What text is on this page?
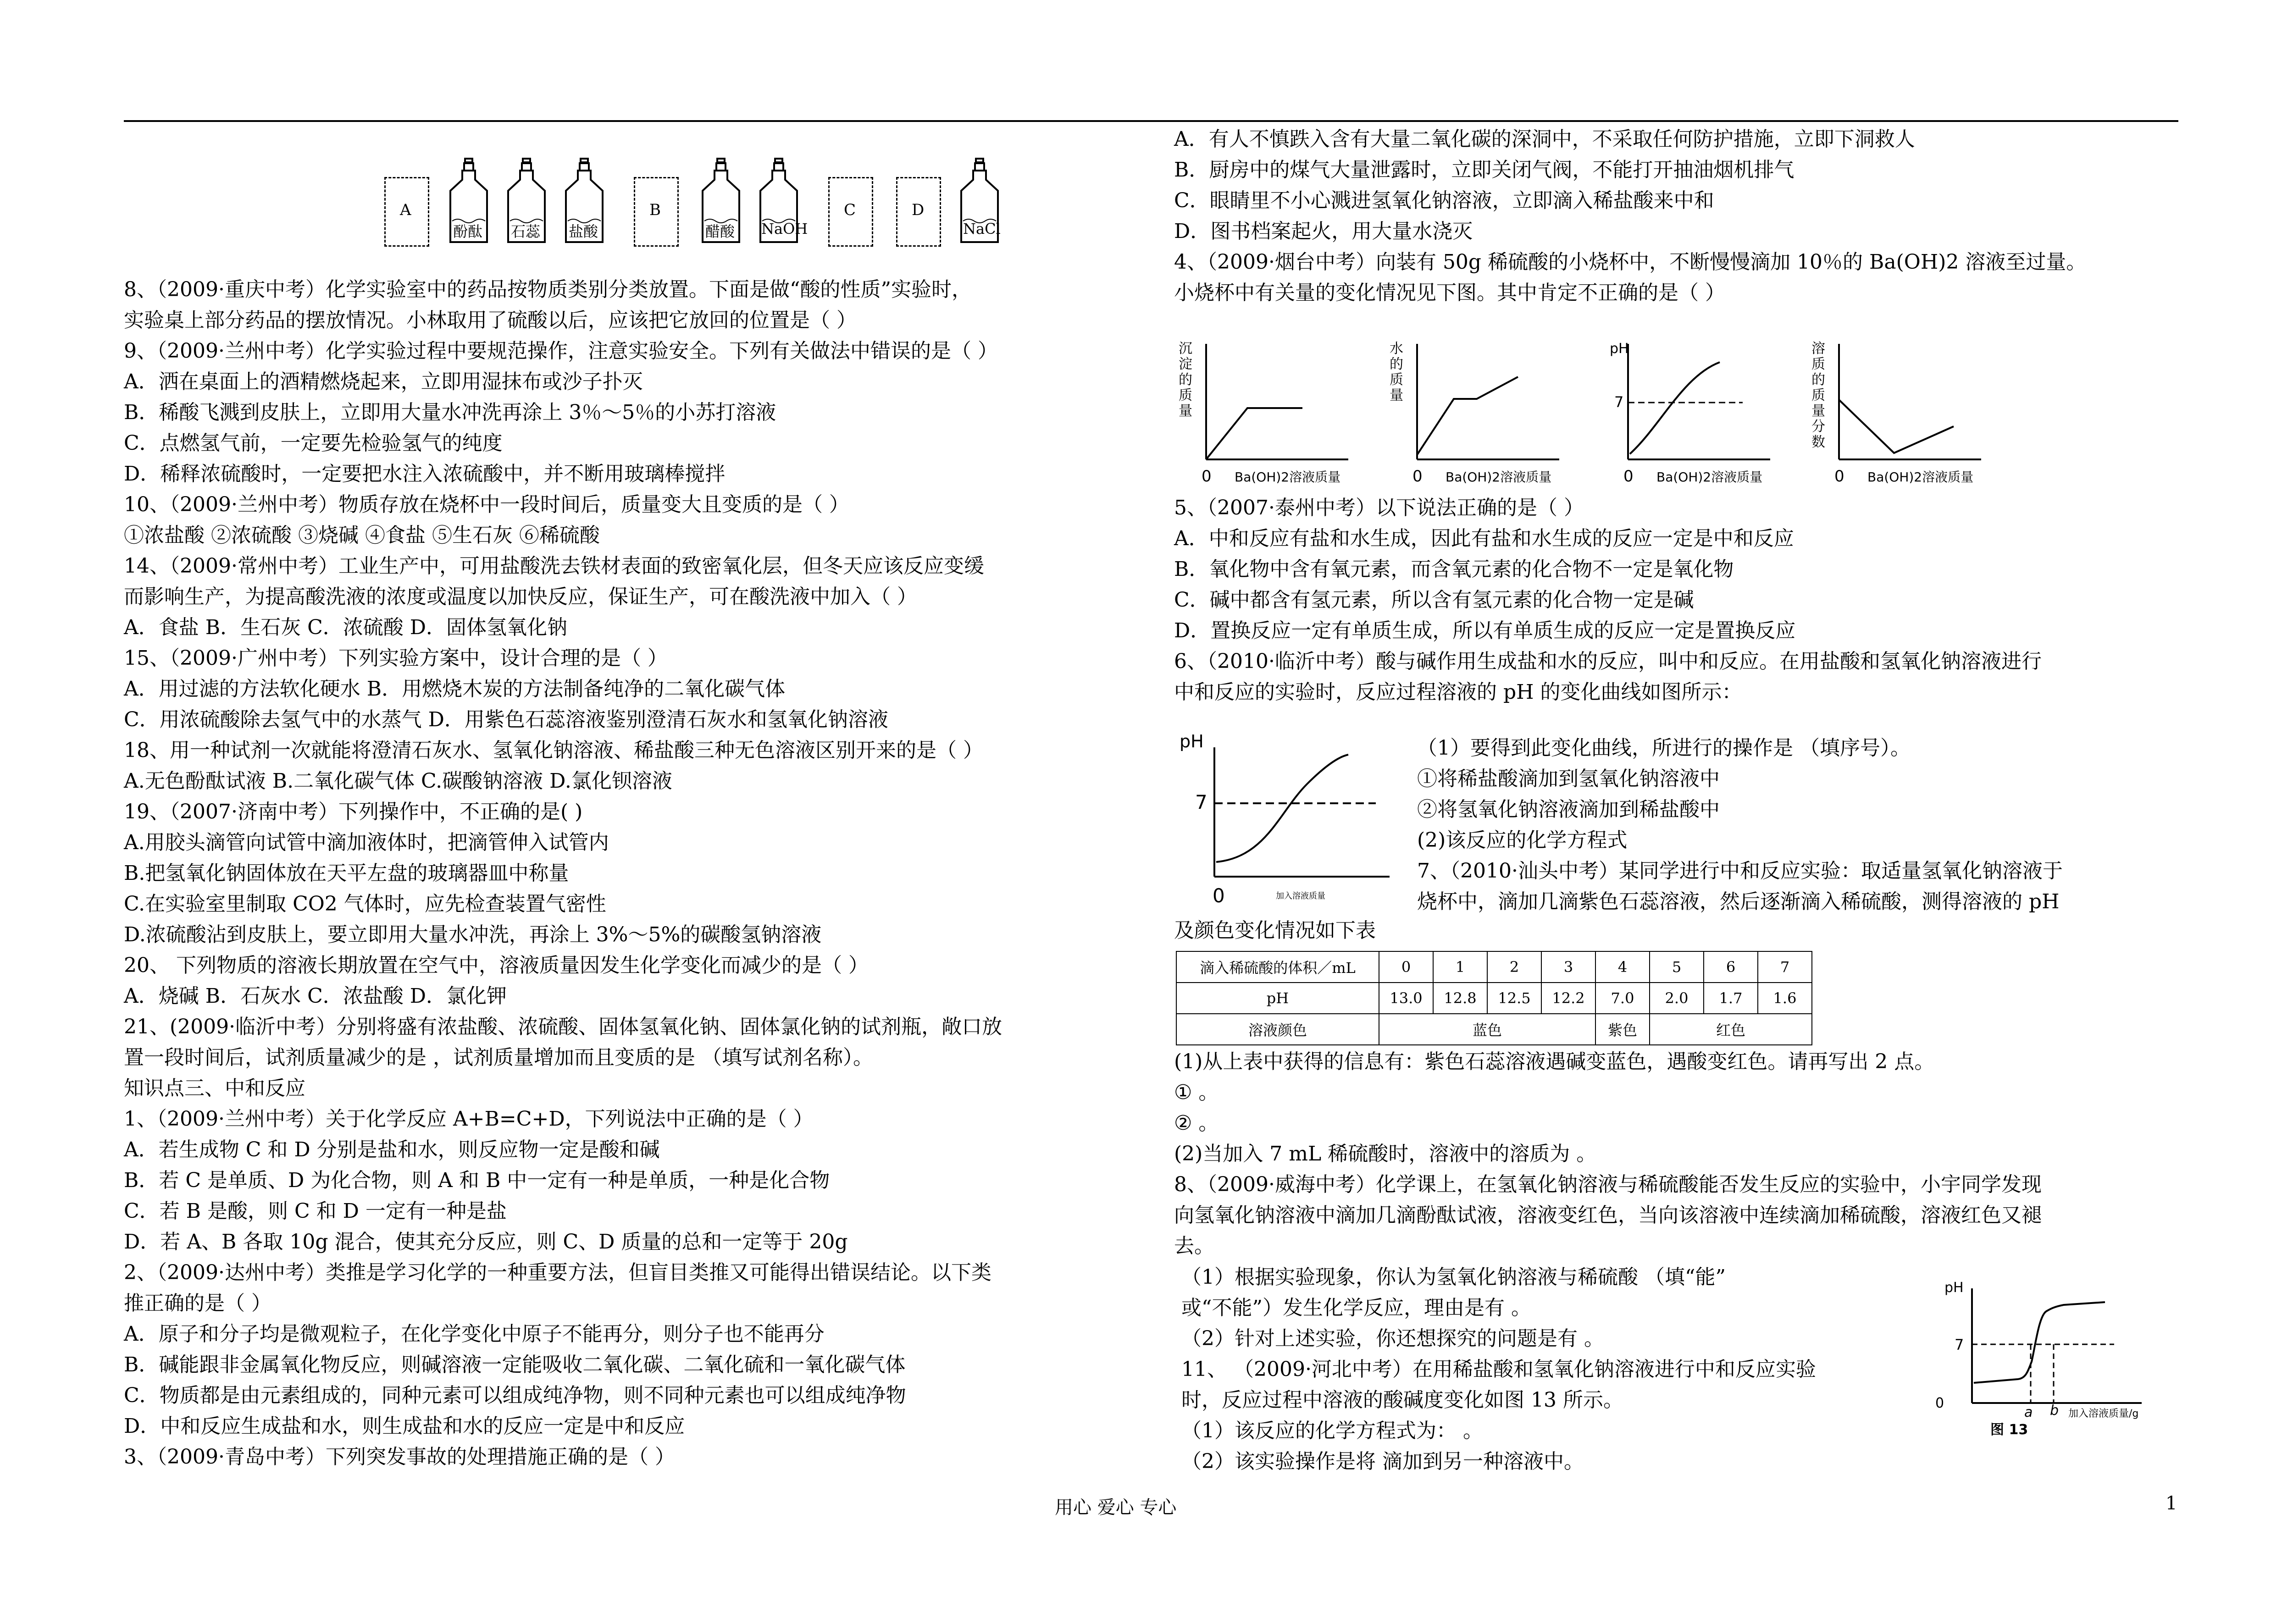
A	B	C	D
酚酞 石蕊 盐酸	醋酸 NaOH	NaCl
8、（2009·重庆中考）化学实验室中的药品按物质类别分类放置。下面是做“酸的性质”实验时，
实验桌上部分药品的摆放情况。小林取用了硫酸以后，应该把它放回的位置是（ ）
9、（2009·兰州中考）化学实验过程中要规范操作，注意实验安全。下列有关做法中错误的是（ ）
A．洒在桌面上的酒精燃烧起来，立即用湿抹布或沙子扑灭
B．稀酸飞溅到皮肤上，立即用大量水冲洗再涂上 3％～5％的小苏打溶液
C．点燃氢气前，一定要先检验氢气的纯度
D．稀释浓硫酸时，一定要把水注入浓硫酸中，并不断用玻璃棒搅拌
10、（2009·兰州中考）物质存放在烧杯中一段时间后，质量变大且变质的是（ ）
①浓盐酸 ②浓硫酸 ③烧碱 ④食盐 ⑤生石灰 ⑥稀硫酸
14、（2009·常州中考）工业生产中，可用盐酸洗去铁材表面的致密氧化层，但冬天应该反应变缓
而影响生产，为提高酸洗液的浓度或温度以加快反应，保证生产，可在酸洗液中加入（ ）
A．食盐 B．生石灰 C．浓硫酸 D．固体氢氧化钠
15、（2009·广州中考）下列实验方案中，设计合理的是（ ）
A．用过滤的方法软化硬水 B．用燃烧木炭的方法制备纯净的二氧化碳气体
C．用浓硫酸除去氢气中的水蒸气 D．用紫色石蕊溶液鉴别澄清石灰水和氢氧化钠溶液
18、用一种试剂一次就能将澄清石灰水、氢氧化钠溶液、稀盐酸三种无色溶液区别开来的是（ ）
A.无色酚酞试液 B.二氧化碳气体 C.碳酸钠溶液 D.氯化钡溶液
19、（2007·济南中考）下列操作中，不正确的是( )
A.用胶头滴管向试管中滴加液体时，把滴管伸入试管内
B.把氢氧化钠固体放在天平左盘的玻璃器皿中称量
C.在实验室里制取 CO2 气体时，应先检查装置气密性
D.浓硫酸沾到皮肤上，要立即用大量水冲洗，再涂上 3%～5%的碳酸氢钠溶液
20、 下列物质的溶液长期放置在空气中，溶液质量因发生化学变化而减少的是（ ）
A．烧碱 B．石灰水 C．浓盐酸 D．氯化钾
21、(2009·临沂中考）分别将盛有浓盐酸、浓硫酸、固体氢氧化钠、固体氯化钠的试剂瓶，敞口放
置一段时间后，试剂质量减少的是 ，试剂质量增加而且变质的是 （填写试剂名称）。
知识点三、中和反应
1、（2009·兰州中考）关于化学反应 A+B=C+D，下列说法中正确的是（ ）
A．若生成物 C 和 D 分别是盐和水，则反应物一定是酸和碱
B．若 C 是单质、D 为化合物，则 A 和 B 中一定有一种是单质，一种是化合物
C．若 B 是酸，则 C 和 D 一定有一种是盐
D．若 A、B 各取 10g 混合，使其充分反应，则 C、D 质量的总和一定等于 20g
2、（2009·达州中考）类推是学习化学的一种重要方法，但盲目类推又可能得出错误结论。以下类
推正确的是（ ）
A．原子和分子均是微观粒子，在化学变化中原子不能再分，则分子也不能再分
B．碱能跟非金属氧化物反应，则碱溶液一定能吸收二氧化碳、二氧化硫和一氧化碳气体
C．物质都是由元素组成的，同种元素可以组成纯净物，则不同种元素也可以组成纯净物
D．中和反应生成盐和水，则生成盐和水的反应一定是中和反应
3、（2009·青岛中考）下列突发事故的处理措施正确的是（ ）
A．有人不慎跌入含有大量二氧化碳的深洞中，不采取任何防护措施，立即下洞救人
B．厨房中的煤气大量泄露时，立即关闭气阀，不能打开抽油烟机排气
C．眼睛里不小心溅进氢氧化钠溶液，立即滴入稀盐酸来中和
D．图书档案起火，用大量水浇灭
4、（2009·烟台中考）向装有 50g 稀硫酸的小烧杯中，不断慢慢滴加 10％的 Ba(OH)2 溶液至过量。
小烧杯中有关量的变化情况见下图。其中肯定不正确的是（ ）
沉
淀
的
质
量
0 Ba(OH)2溶液质量
水
的
质
量
0 Ba(OH)2溶液质量
pH
0 Ba(OH)2溶液质量
7
溶
质
的
质
量
分
数
0 Ba(OH)2溶液质量
5、（2007·泰州中考）以下说法正确的是（ ）
A．中和反应有盐和水生成，因此有盐和水生成的反应一定是中和反应
B．氧化物中含有氧元素，而含氧元素的化合物不一定是氧化物
C．碱中都含有氢元素，所以含有氢元素的化合物一定是碱
D．置换反应一定有单质生成，所以有单质生成的反应一定是置换反应
6、（2010·临沂中考）酸与碱作用生成盐和水的反应，叫中和反应。在用盐酸和氢氧化钠溶液进行
中和反应的实验时，反应过程溶液的 pH 的变化曲线如图所示：
pH
7
0	加入溶液质量
（1）要得到此变化曲线，所进行的操作是 （填序号）。
①将稀盐酸滴加到氢氧化钠溶液中
②将氢氧化钠溶液滴加到稀盐酸中
(2)该反应的化学方程式
7、（2010·汕头中考）某同学进行中和反应实验：取适量氢氧化钠溶液于
烧杯中，滴加几滴紫色石蕊溶液，然后逐渐滴入稀硫酸，测得溶液的 pH
及颜色变化情况如下表
滴入稀硫酸的体积／mL	0	1	2	3	4	5	6	7
pH	13.0	12.8	12.5	12.2	7.0	2.0	1.7	1.6
溶液颜色	蓝色				紫色	红色		
(1)从上表中获得的信息有：紫色石蕊溶液遇碱变蓝色，遇酸变红色。请再写出 2 点。
① 。
② 。
(2)当加入 7 mL 稀硫酸时，溶液中的溶质为 。
8、（2009·威海中考）化学课上，在氢氧化钠溶液与稀硫酸能否发生反应的实验中，小宇同学发现
向氢氧化钠溶液中滴加几滴酚酞试液，溶液变红色，当向该溶液中连续滴加稀硫酸，溶液红色又褪
去。
（1）根据实验现象，你认为氢氧化钠溶液与稀硫酸 （填“能”
或“不能”）发生化学反应，理由是有 。
（2）针对上述实验，你还想探究的问题是有 。
11、 （2009·河北中考）在用稀盐酸和氢氧化钠溶液进行中和反应实验
时，反应过程中溶液的酸碱度变化如图 13 所示。
（1）该反应的化学方程式为： 。
（2）该实验操作是将 滴加到另一种溶液中。
pH
7
0
a b 加入溶液质量/g
图 13
用心 爱心 专心	1
